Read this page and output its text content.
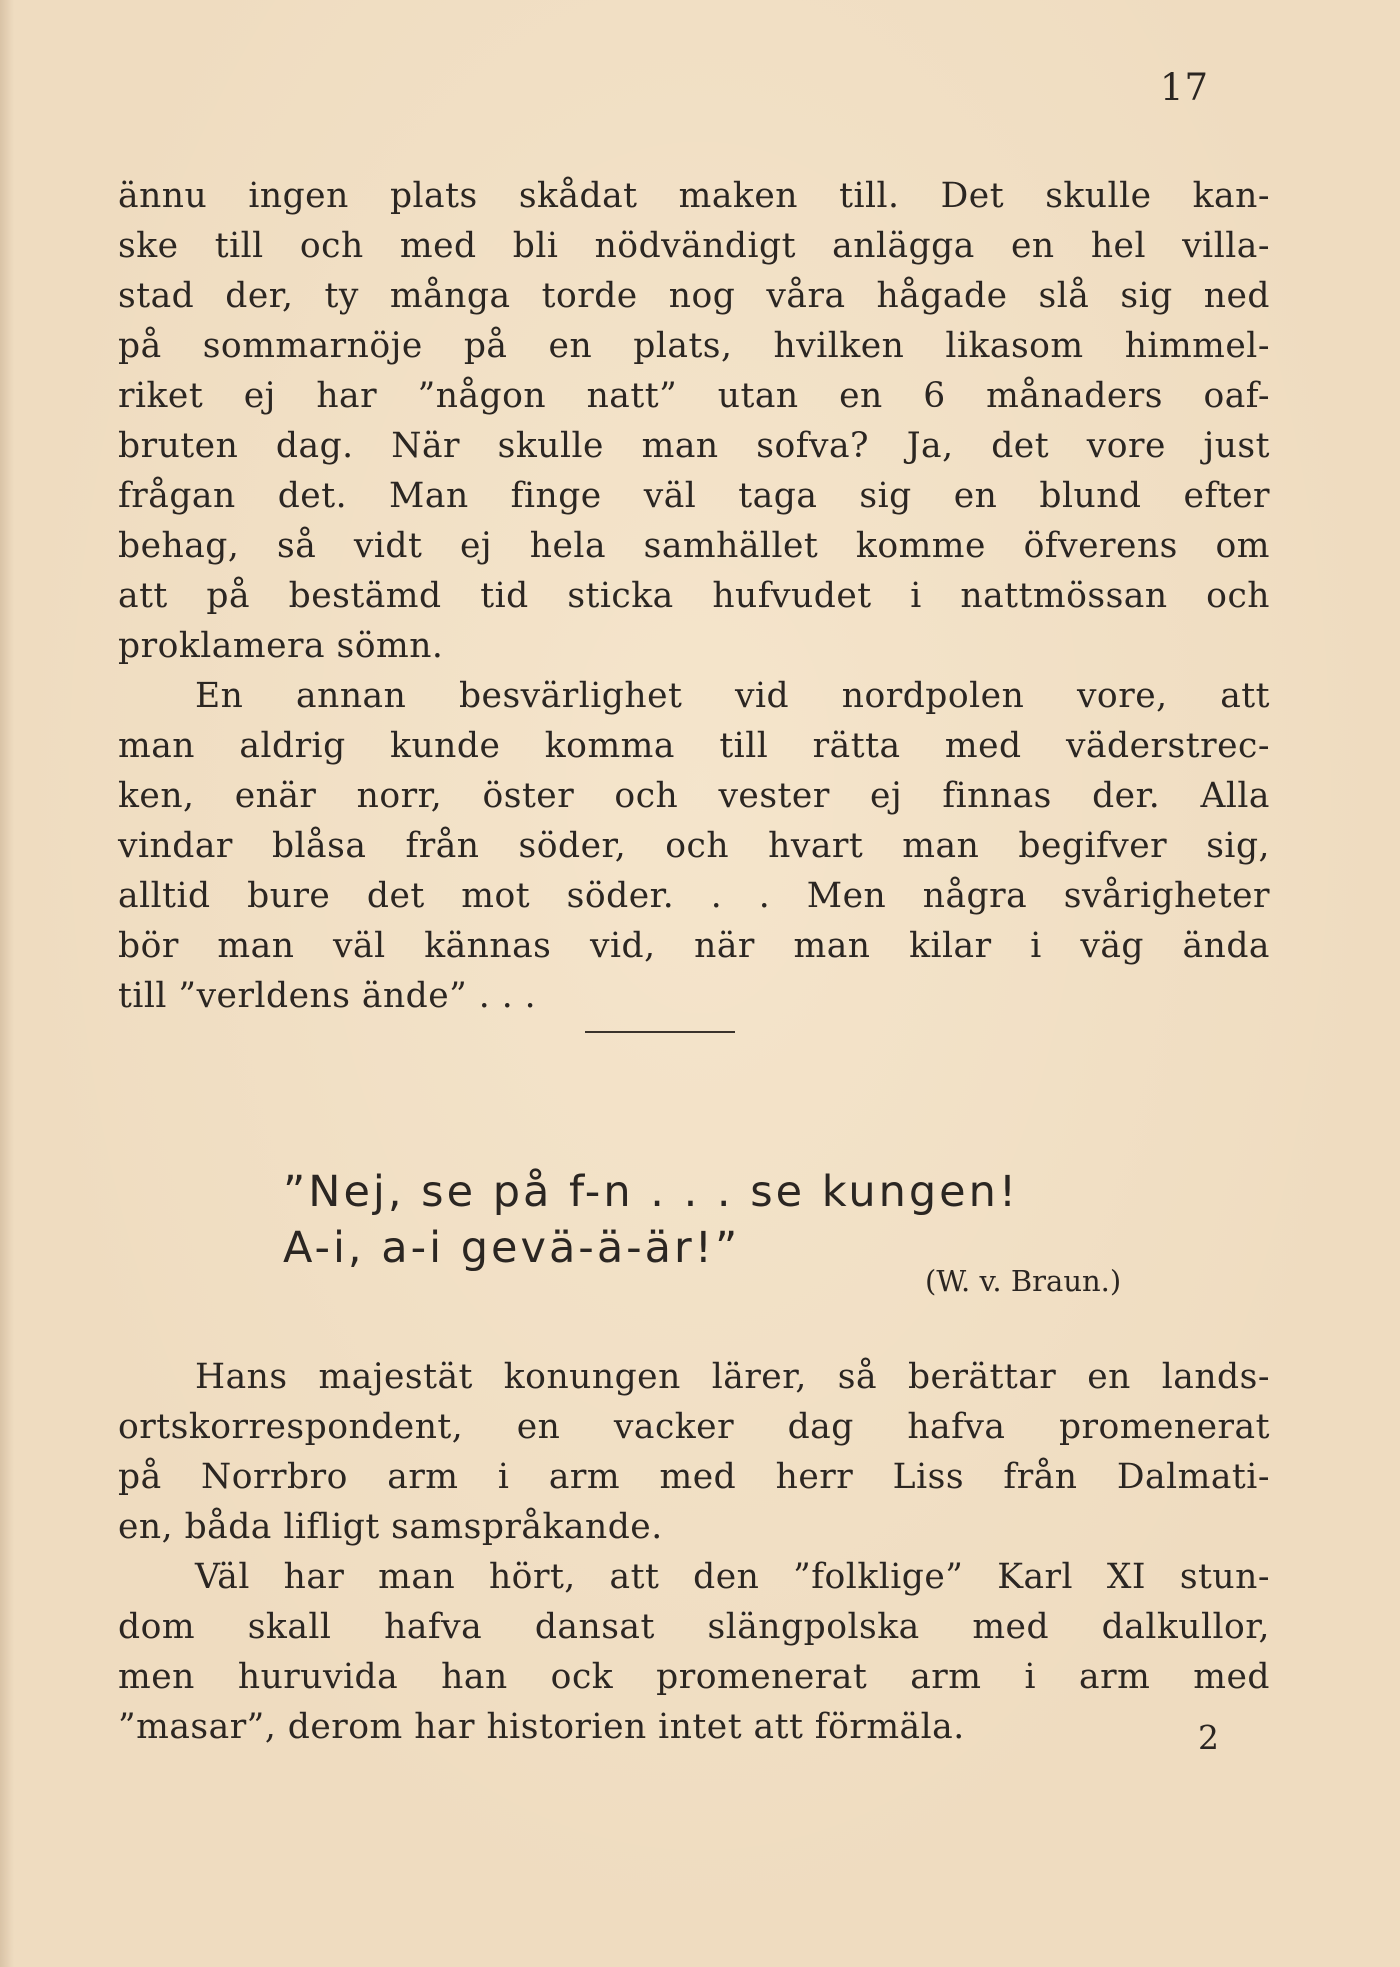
17
ännu ingen plats skådat maken till. Det skulle kan-
ske till och med bli nödvändigt anlägga en hel villa-
stad der, ty många torde nog våra hågade slå sig ned
på sommarnöje på en plats, hvilken likasom himmel-
riket ej har ”någon natt” utan en 6 månaders oaf-
bruten dag. När skulle man sofva? Ja, det vore just
frågan det. Man finge väl taga sig en blund efter
behag, så vidt ej hela samhället komme öfverens om
att på bestämd tid sticka hufvudet i nattmössan och
proklamera sömn.
En annan besvärlighet vid nordpolen vore, att
man aldrig kunde komma till rätta med väderstrec-
ken, enär norr, öster och vester ej finnas der. Alla
vindar blåsa från söder, och hvart man begifver sig,
alltid bure det mot söder. . . Men några svårigheter
bör man väl kännas vid, när man kilar i väg ända
till ”verldens ände” . . .
”Nej, se på f-n . . . se kungen!
A-i, a-i gevä-ä-är!”
(W. v. Braun.)
Hans majestät konungen lärer, så berättar en lands-
ortskorrespondent, en vacker dag hafva promenerat
på Norrbro arm i arm med herr Liss från Dalmati-
en, båda lifligt samspråkande.
Väl har man hört, att den ”folklige” Karl XI stun-
dom skall hafva dansat slängpolska med dalkullor,
men huruvida han ock promenerat arm i arm med
”masar”, derom har historien intet att förmäla.	2
